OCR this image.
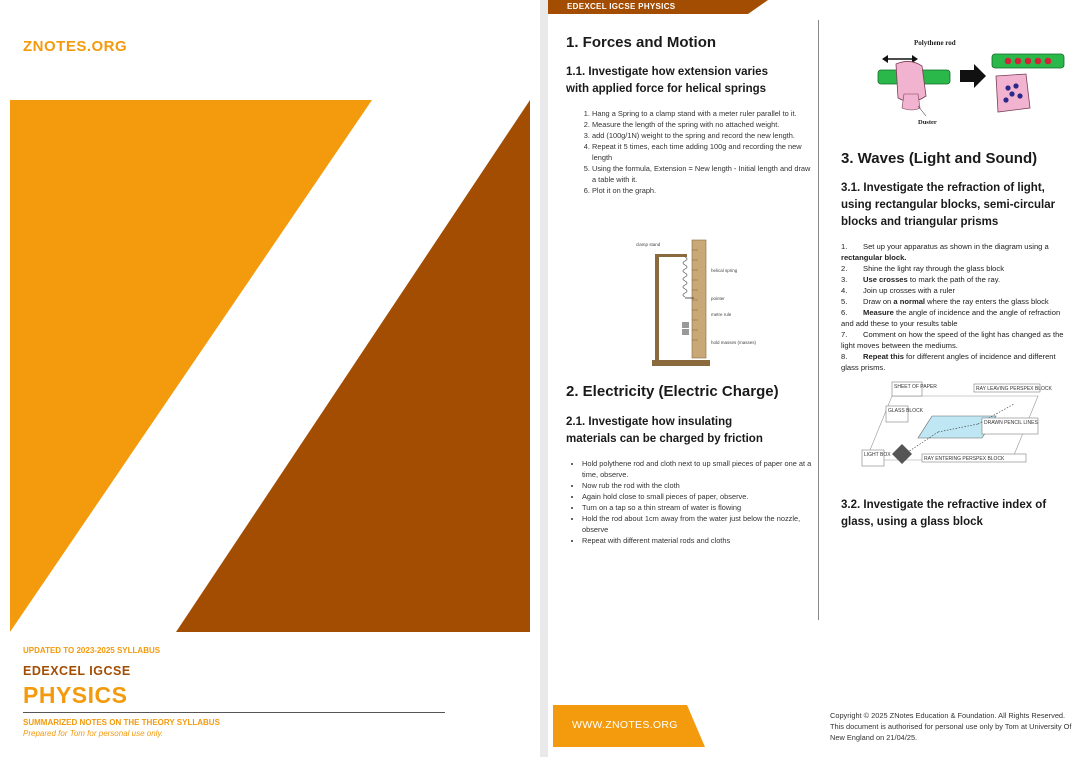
ZNOTES.ORG
UPDATED TO 2023-2025 SYLLABUS
EDEXCEL IGCSE
PHYSICS
SUMMARIZED NOTES ON THE THEORY SYLLABUS
Prepared for Tom for personal use only.
EDEXCEL IGCSE PHYSICS
1. Forces and Motion
1.1. Investigate how extension varies
with applied force for helical springs
1. Hang a Spring to a clamp stand with a meter ruler parallel to it.
2. Measure the length of the spring with no attached weight.
3. add (100g/1N) weight to the spring and record the new length.
4. Repeat it 5 times, each time adding 100g and recording the new length
5. Using the formula, Extension = New length - Initial length and draw a table with it.
6. Plot it on the graph.
clamp stand
helical spring
pointer
metre rule
hold masses (masses)
2. Electricity (Electric Charge)
2.1. Investigate how insulating
materials can be charged by friction
• Hold polythene rod and cloth next to up small pieces of paper one at a time, observe.
• Now rub the rod with the cloth
• Again hold close to small pieces of paper, observe.
• Turn on a tap so a thin stream of water is flowing
• Hold the rod about 1cm away from the water just below the nozzle, observe
• Repeat with different material rods and cloths
Polythene rod
Duster
3. Waves (Light and Sound)
3.1. Investigate the refraction of light,
using rectangular blocks, semi-circular
blocks and triangular prisms
1. Set up your apparatus as shown in the diagram using a rectangular block.
2. Shine the light ray through the glass block
3. Use crosses to mark the path of the ray.
4. Join up crosses with a ruler
5. Draw on a normal where the ray enters the glass block
6. Measure the angle of incidence and the angle of refraction and add these to your results table
7. Comment on how the speed of the light has changed as the light moves between the mediums.
8. Repeat this for different angles of incidence and different glass prisms.
SHEET OF PAPER	RAY LEAVING PERSPEX BLOCK
GLASS BLOCK
DRAWN PENCIL LINES
LIGHT BOX
RAY ENTERING PERSPEX BLOCK
3.2. Investigate the refractive index of
glass, using a glass block
WWW.ZNOTES.ORG
Copyright © 2025 ZNotes Education & Foundation. All Rights Reserved. This document is authorised for personal use only by Tom at University Of New England on 21/04/25.
